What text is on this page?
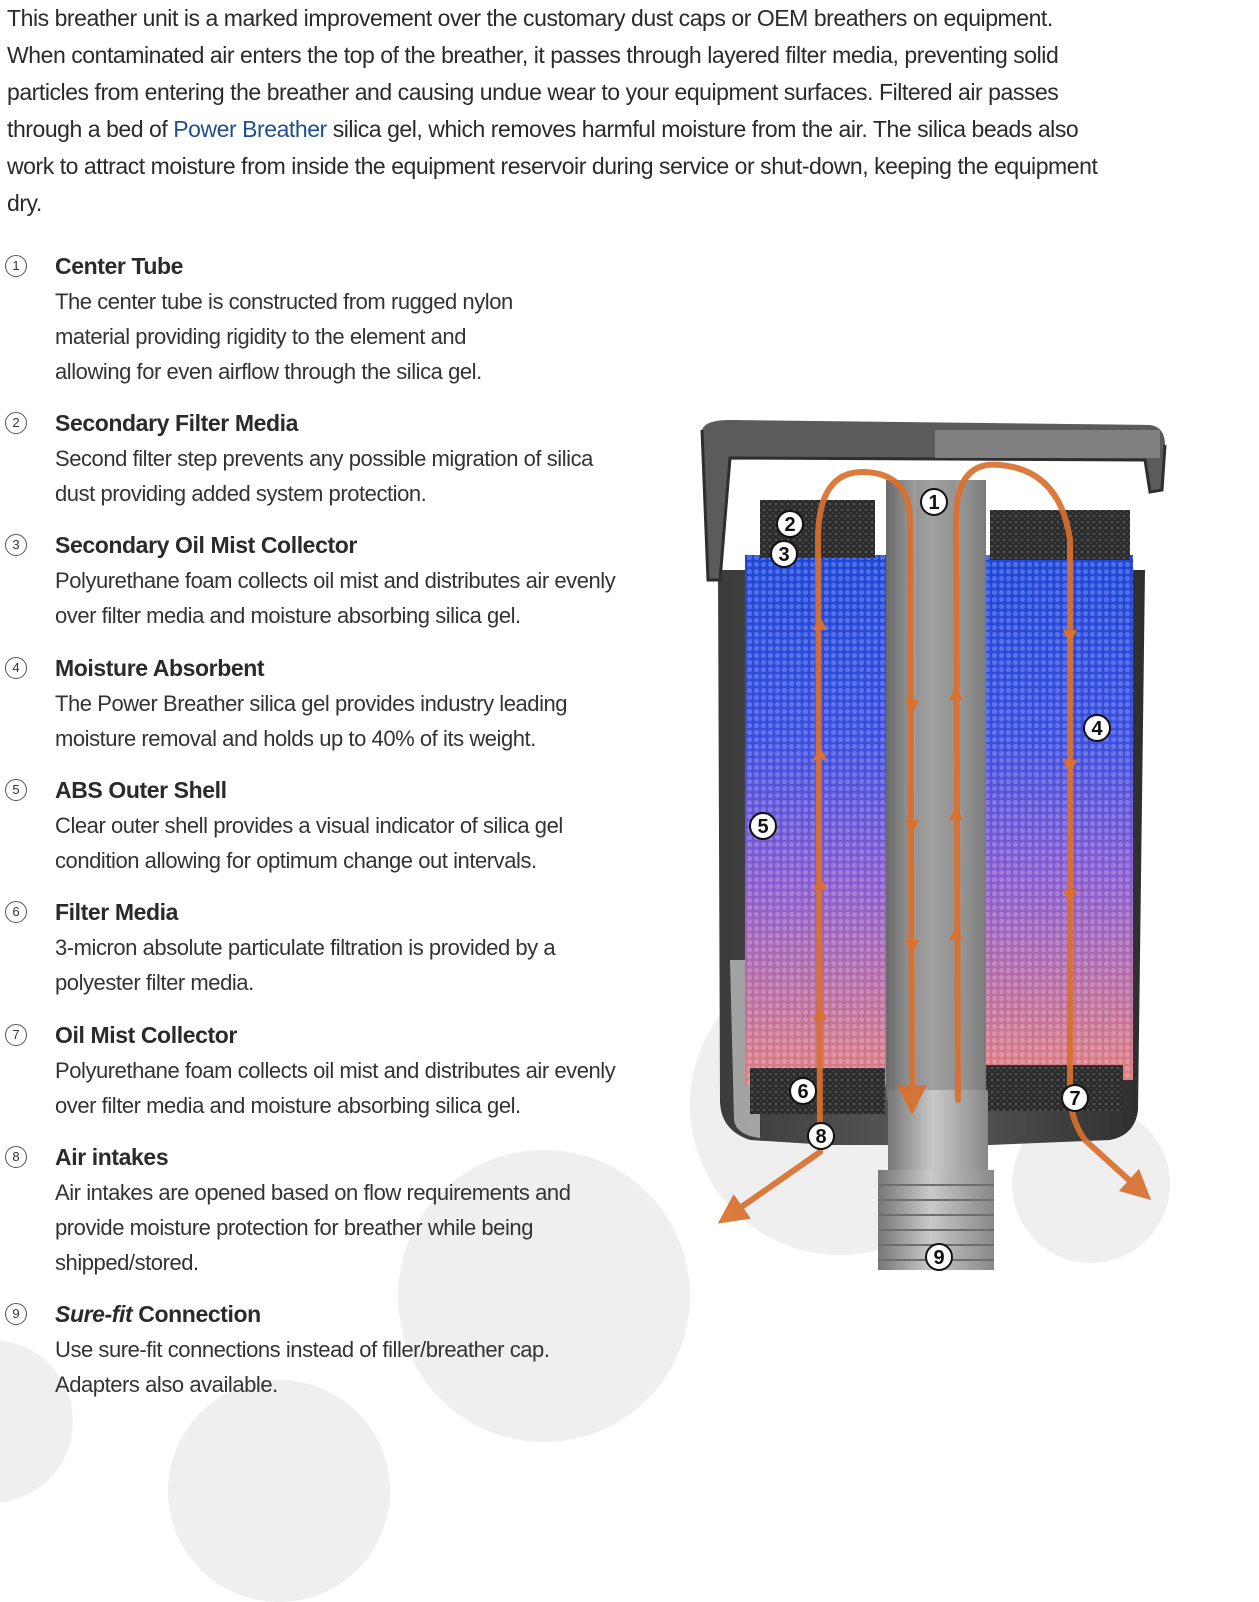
This breather unit is a marked improvement over the customary dust caps or OEM breathers on equipment. When contaminated air enters the top of the breather, it passes through layered filter media, preventing solid particles from entering the breather and causing undue wear to your equipment surfaces. Filtered air passes through a bed of Power Breather silica gel, which removes harmful moisture from the air. The silica beads also work to attract moisture from inside the equipment reservoir during service or shut-down, keeping the equipment dry.

1	Center Tube
The center tube is constructed from rugged nylon material providing rigidity to the element and allowing for even airflow through the silica gel.
2	Secondary Filter Media
Second filter step prevents any possible migration of silica dust providing added system protection.
3	Secondary Oil Mist Collector
Polyurethane foam collects oil mist and distributes air evenly over filter media and moisture absorbing silica gel.
4	Moisture Absorbent
The Power Breather silica gel provides industry leading moisture removal and holds up to 40% of its weight.
5	ABS Outer Shell
Clear outer shell provides a visual indicator of silica gel condition allowing for optimum change out intervals.
6	Filter Media
3-micron absolute particulate filtration is provided by a polyester filter media.
7	Oil Mist Collector
Polyurethane foam collects oil mist and distributes air evenly over filter media and moisture absorbing silica gel.
8	Air intakes
Air intakes are opened based on flow requirements and provide moisture protection for breather while being shipped/stored.
9	Sure-fit Connection
Use sure-fit connections instead of filler/breather cap. Adapters also available.
1
2
3
4
5
6	7
8
9
